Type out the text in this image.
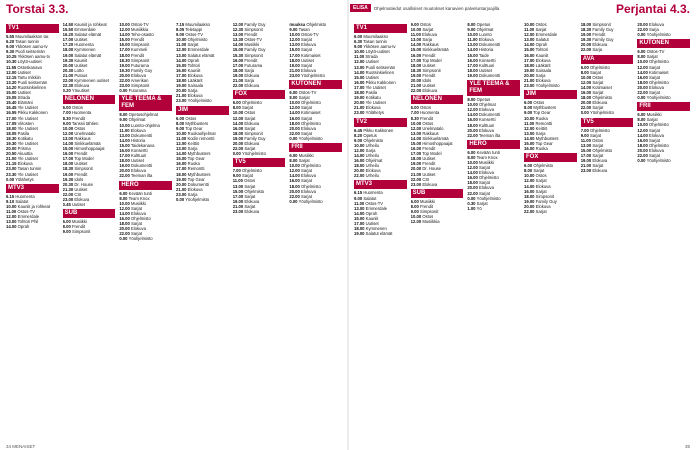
Torstai 3.3.
TV1
5.55 Muumilaakson tar.
6.20 Tasan tunnin
9.00 Ykkösen aamu-tv
9.30 Puoli seitsemän
10.25 Ykkösen aamu-tv
10.30 Löytö-uutiset
11.55 Ostoskanava
12.00 Uutiset
12.15 Tartu mikkiin
13.20 Puoli seitsemän
14.20 Ruotsinkielinen
15.00 Uutiset
15.05 Strada
15.40 Elämäni
16.45 Yle Uutiset
16.55 Pikku Kakkonen
17.00 Yle Uutiset
17.05 Viitosten
18.00 Yle Uutiset
18.05 Pasila
18.30 Kotikatu
19.30 Yle Uutiset
20.00 Prisma
20.50 Akuuttia
21.00 Yle Uutiset
21.15 Elokuva
23.00 Tasan tunnin
23.30 Yle Uutiset
0.00 Yölähetys
MTV3
6.15 Huomenta
9.10 Salatut
10.00 Kauniit ja rohkeat
11.00 Ostos-TV
12.00 Emmerdale
13.00 Tohtori Phil
14.00 Oprah
14.50 Kauniit ja rohkeat
15.50 Emmerdale
16.20 Salatut elämät
17.00 Uutiset
17.20 Huomenta
18.00 Kymmenen
19.00 Salatut elämät
19.30 Kauniit
20.00 Uutiset
20.30 Lotto
21.00 Putous
22.00 Kymmenen uutiset
22.30 Elokuva
0.20 Yöuutiset
NELONEN
6.00 Ostos
7.00 Huomenta
8.30 Frendit
9.00 Tanssii tähtien
10.00 Ostos
12.00 Unelmatalo
13.00 Rakkaus
14.00 Sinkkuelämää
15.00 Himoshoppaajat
16.00 Frendit
17.00 Top Model
18.00 Uutiset
18.30 Simpsonit
19.00 Frendit
19.30 Idols
20.30 Dr. House
21.30 Uutiset
22.00 CSI
23.00 Elokuva
0.45 Uutiset
SUB
6.00 Musiikki
8.00 Frendit
9.00 Simpsonit
10.00 Ostos-TV
12.00 Musiikkia
14.00 Teho-osasto
15.00 Frendit
16.00 Simpsonit
17.00 Kummeli
18.00 Frendit
18.30 Simpsonit
19.00 Futurama
19.30 Family Guy
20.00 Elokuva
22.00 Amerikan
23.00 Simpsonit
0.00 Futurama
YLE TEEMA & FEM
8.00 Opetusohjelmat
9.00 Ohjelmat
10.00 Luonto-ohjelma
11.00 Elokuva
13.00 Dokumentti
14.00 Historia
15.00 Taidekanava
16.00 Konsertti
17.00 Kulttuuri
18.00 Uutiset
19.00 Dokumentti
20.00 Elokuva
22.00 Teeman ilta
HERO
6.00 Kevään tunti
8.00 Team Knox
10.00 Musiikki
12.00 Sarjat
14.00 Elokuva
16.00 Ohjelmisto
18.00 Sarjat
20.00 Elokuva
22.00 Sarjat
0.00 Yöohjelmisto
7.15 Muumilaakso
8.05 Teletappi
9.00 Ostos-TV
10.00 Ohjelmisto
11.00 Sarjat
12.00 Emmerdale
13.00 Salatut elämät
14.00 Oprah
15.00 Tohtori
16.00 Kauniit
17.00 Elokuva
18.00 Lääkärit
19.00 Sairaala
20.00 Sarja
21.00 Elokuva
23.00 Yöohjelmisto
JIM
6.00 Ostos
8.00 Mythbusters
9.00 Top Gear
10.00 Ruokaohjelmat
11.00 Kodin remontti
12.00 Keittiö
13.00 Sarja
14.00 Mythbusters
15.00 Top Gear
16.00 Ruoka
17.00 Remontti
18.00 Mythbusters
19.00 Top Gear
20.00 Dokumentti
21.00 Elokuva
23.00 Sarja
0.00 Yöohjelmisto
12.00 Family Guy
12.30 Simpsonit
13.00 Frendit
13.30 Ostos-TV
14.00 Musiikki
15.00 Family Guy
15.30 Simpsonit
16.00 Frendit
17.00 Futurama
18.00 Sarja
19.00 Elokuva
21.00 Sarja
22.00 Elokuva
FOX
6.00 Ohjelmisto
8.00 Sarjat
10.00 Ostos
12.00 Sarjat
14.00 Elokuva
16.00 Sarjat
18.00 Simpsonit
19.00 Family Guy
20.00 Elokuva
22.00 Sarjat
0.00 Yöohjelmisto
TV5
7.00 Ohjelmisto
9.00 Sarjat
11.00 Ostos
13.00 Sarjat
15.00 Ohjelmisto
17.00 Sarjat
19.00 Elokuva
21.00 Sarjat
23.00 Elokuva
muuksa Ohjelmisto
9.00 Tasan
10.00 Ostos-TV
12.00 Sarjat
13.00 Elokuva
15.00 Sarjat
17.00 Kotimaiset
18.00 Uutiset
19.00 Sarjat
21.00 Elokuva
23.00 Yöohjelmisto
KUTONEN
6.00 Ostos-TV
8.00 Sarjat
10.00 Ohjelmisto
12.00 Sarjat
14.00 Kotimaiset
16.00 Sarjat
18.00 Ohjelmisto
20.00 Elokuva
22.00 Sarjat
0.00 Yöohjelmisto
FRII
6.00 Musiikki
8.00 Sarjat
10.00 Ohjelmisto
12.00 Sarjat
14.00 Elokuva
16.00 Sarjat
18.00 Ohjelmisto
20.00 Elokuva
22.00 Sarjat
0.00 Yöohjelmisto
34 MENAISET
ELISA	Ohjelmatiedot osallisiset muutokset kanavien palveluntarjoajilla	Perjantai 4.3.
TV1
6.00 Muumilaakso
6.30 Tasan tunnin
9.00 Ykkösen aamu-tv
10.00 Löytö-uutiset
11.00 Strada
12.00 Uutiset
13.00 Puoli seitsemän
14.00 Ruotsinkielinen
15.00 Uutiset
16.00 Pikku Kakkonen
17.00 Yle Uutiset
18.00 Pasila
19.00 Kotikatu
20.00 Yle Uutiset
21.00 Elokuva
23.00 Yölähetys
TV2
6.45 Pikku Kakkonen
8.20 Opetus
9.00 Ohjelmisto
10.00 Urheilu
12.00 Sarja
14.00 Urheilu
16.00 Ohjelmat
18.00 Urheilu
20.00 Elokuva
22.00 Urheilu
MTV3
6.15 Huomenta
9.00 Salatut
11.00 Ostos-TV
13.00 Emmerdale
14.00 Oprah
15.00 Kauniit
17.00 Uutiset
18.00 Kymmenen
19.00 Salatut elämät
9.00 Ostos
10.00 Sarjat
11.00 Elokuva
13.00 Sarja
14.00 Rakkaus
15.00 Sinkkuelämää
16.00 Frendit
17.00 Top Model
18.00 Uutiset
18.30 Simpsonit
19.00 Frendit
20.00 Idols
21.00 Uutiset
22.00 Elokuva
NELONEN
6.00 Ostos
7.00 Huomenta
8.30 Frendit
10.00 Ostos
12.00 Unelmatalo
13.00 Rakkaus
14.00 Sinkkuelämää
15.00 Himoshoppaajat
16.00 Frendit
17.00 Top Model
18.00 Uutiset
19.00 Frendit
20.00 Dr. House
21.00 Uutiset
22.00 CSI
23.00 Elokuva
SUB
6.00 Musiikki
8.00 Frendit
9.00 Simpsonit
10.00 Ostos
12.00 Musiikkia
8.00 Opetus
9.00 Ohjelmat
10.00 Luonto
11.00 Elokuva
13.00 Dokumentti
14.00 Historia
15.00 Taide
16.00 Konsertti
17.00 Kulttuuri
18.00 Uutiset
19.00 Dokumentti
YLE TEEMA & FEM
8.00 Opetus
10.00 Ohjelmat
12.00 Elokuva
14.00 Dokumentti
16.00 Konsertti
18.00 Kulttuuri
20.00 Elokuva
22.00 Teeman ilta
HERO
6.00 Kevään tunti
8.00 Team Knox
10.00 Musiikki
12.00 Sarjat
14.00 Elokuva
16.00 Ohjelmisto
18.00 Sarjat
20.00 Elokuva
22.00 Sarjat
0.00 Yöohjelmisto
0.30 Sarjat
1.00 Yö
10.00 Ostos
11.00 Sarjat
12.00 Emmerdale
13.00 Salatut
14.00 Oprah
15.00 Tohtori
16.00 Kauniit
17.00 Elokuva
18.00 Lääkärit
19.00 Sairaala
20.00 Sarja
21.00 Elokuva
23.00 Yöohjelmisto
JIM
6.00 Ostos
8.00 Mythbusters
9.00 Top Gear
10.00 Ruoka
11.00 Remontti
12.00 Keittiö
13.00 Sarja
14.00 Mythbusters
15.00 Top Gear
16.00 Ruoka
FOX
6.00 Ohjelmisto
8.00 Sarjat
10.00 Ostos
12.00 Sarjat
14.00 Elokuva
16.00 Sarjat
18.00 Simpsonit
19.00 Family Guy
20.00 Elokuva
22.00 Sarjat
18.00 Simpsonit
18.30 Family Guy
19.00 Frendit
19.30 Family Guy
20.00 Elokuva
22.00 Sarja
AVA
6.00 Ohjelmisto
8.00 Sarjat
10.00 Ostos
12.00 Sarjat
14.00 Kotimaiset
16.00 Sarjat
18.00 Ohjelmisto
20.00 Elokuva
22.00 Sarjat
0.00 Yöohjelmisto
TV5
7.00 Ohjelmisto
9.00 Sarjat
11.00 Ostos
13.00 Sarjat
15.00 Ohjelmisto
17.00 Sarjat
19.00 Elokuva
21.00 Sarjat
23.00 Elokuva
20.00 Elokuva
22.00 Sarja
0.00 Yöohjelmisto
KUTONEN
6.00 Ostos-TV
8.00 Sarjat
10.00 Ohjelmisto
12.00 Sarjat
14.00 Kotimaiset
16.00 Sarjat
18.00 Ohjelmisto
20.00 Elokuva
22.00 Sarjat
0.00 Yöohjelmisto
FRII
6.00 Musiikki
8.00 Sarjat
10.00 Ohjelmisto
12.00 Sarjat
14.00 Elokuva
16.00 Sarjat
18.00 Ohjelmisto
20.00 Elokuva
22.00 Sarjat
0.00 Yöohjelmisto
35
